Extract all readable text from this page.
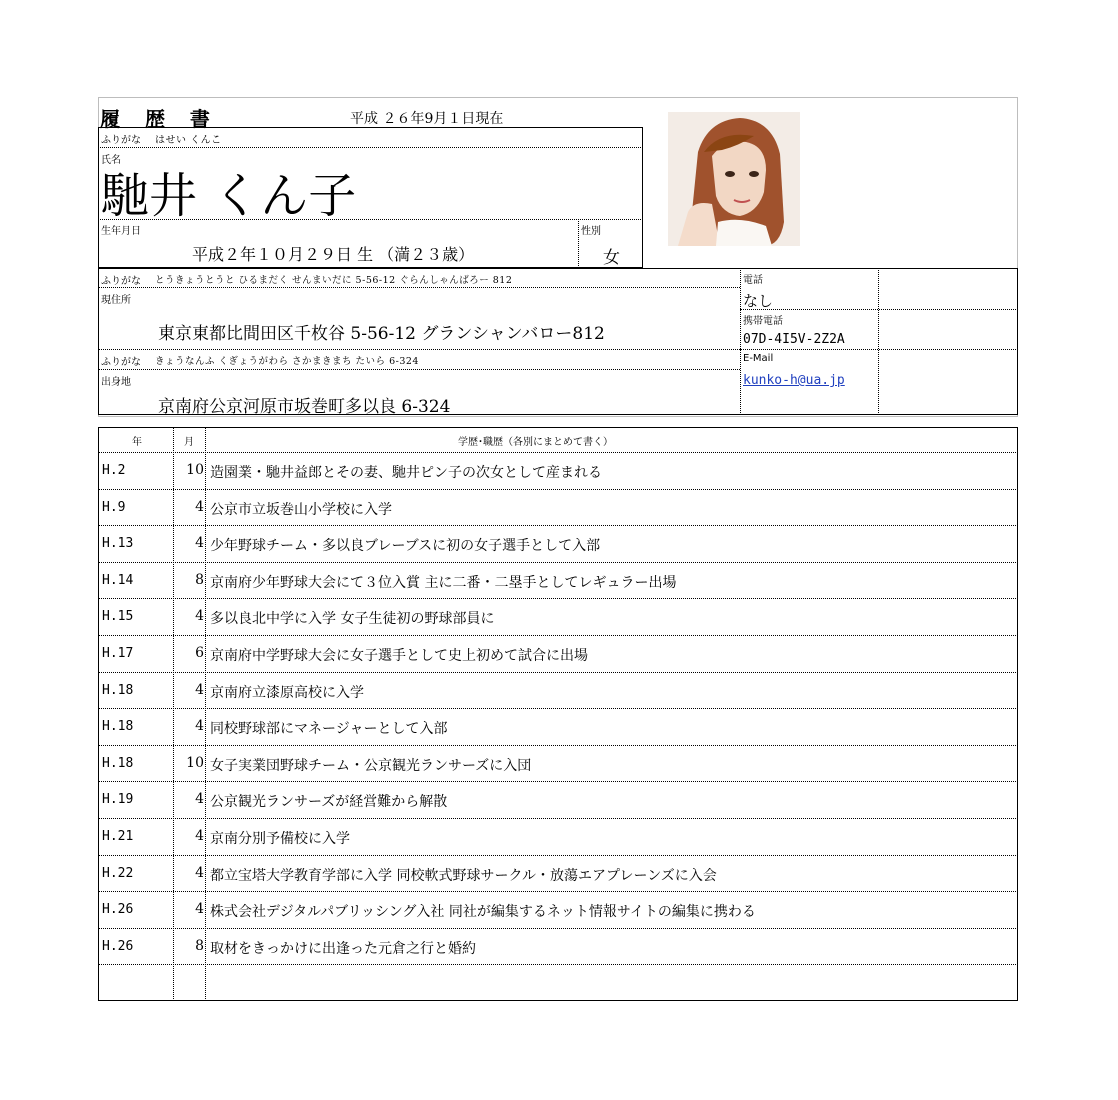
履 歴 書	平成 ２６年9月１日現在
ふりがな はせい くんこ
氏名
馳井 くん子
生年月日
平成２年１０月２９日 生 （満２３歳）
性別
女
ふりがな とうきょうとうと ひるまだく せんまいだに 5-56-12 ぐらんしゃんばろー 812
現住所
東京東都比間田区千枚谷 5-56-12 グランシャンバロー812
ふりがな きょうなんふ くぎょうがわら さかまきまち たいら 6-324
出身地
京南府公京河原市坂巻町多以良 6-324
電話
なし
携帯電話
07D-4I5V-2Z2A
E-Mail
kunko-h@ua.jp
年	月	学歴･職歴（各別にまとめて書く）
H.2	10 造園業・馳井益郎とその妻、馳井ピン子の次女として産まれる
H.9	4 公京市立坂巻山小学校に入学
H.13	4 少年野球チーム・多以良ブレーブスに初の女子選手として入部
H.14	8 京南府少年野球大会にて３位入賞 主に二番・二塁手としてレギュラー出場
H.15	4 多以良北中学に入学 女子生徒初の野球部員に
H.17	6 京南府中学野球大会に女子選手として史上初めて試合に出場
H.18	4 京南府立漆原高校に入学
H.18	4 同校野球部にマネージャーとして入部
H.18	10 女子実業団野球チーム・公京観光ランサーズに入団
H.19	4 公京観光ランサーズが経営難から解散
H.21	4 京南分別予備校に入学
H.22	4 都立宝塔大学教育学部に入学 同校軟式野球サークル・放蕩エアプレーンズに入会
H.26	4 株式会社デジタルパブリッシング入社 同社が編集するネット情報サイトの編集に携わる
H.26	8 取材をきっかけに出逢った元倉之行と婚約
